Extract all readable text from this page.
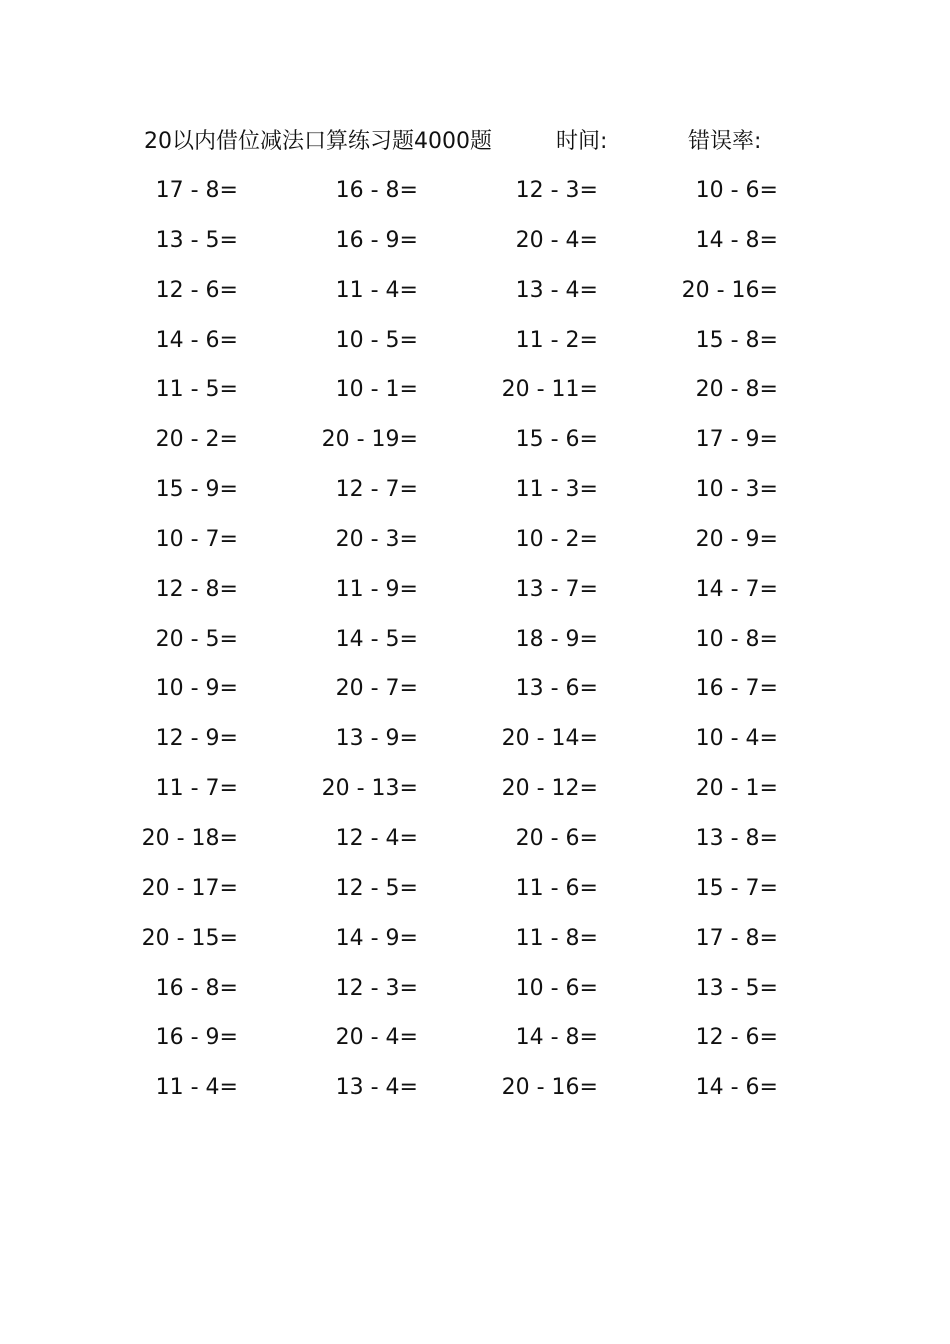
20以内借位减法口算练习题4000题	时间:	错误率:
17 - 8=	16 - 8=	12 - 3=	10 - 6=
13 - 5=	16 - 9=	20 - 4=	14 - 8=
12 - 6=	11 - 4=	13 - 4=	20 - 16=
14 - 6=	10 - 5=	11 - 2=	15 - 8=
11 - 5=	10 - 1=	20 - 11=	20 - 8=
20 - 2=	20 - 19=	15 - 6=	17 - 9=
15 - 9=	12 - 7=	11 - 3=	10 - 3=
10 - 7=	20 - 3=	10 - 2=	20 - 9=
12 - 8=	11 - 9=	13 - 7=	14 - 7=
20 - 5=	14 - 5=	18 - 9=	10 - 8=
10 - 9=	20 - 7=	13 - 6=	16 - 7=
12 - 9=	13 - 9=	20 - 14=	10 - 4=
11 - 7=	20 - 13=	20 - 12=	20 - 1=
20 - 18=	12 - 4=	20 - 6=	13 - 8=
20 - 17=	12 - 5=	11 - 6=	15 - 7=
20 - 15=	14 - 9=	11 - 8=	17 - 8=
16 - 8=	12 - 3=	10 - 6=	13 - 5=
16 - 9=	20 - 4=	14 - 8=	12 - 6=
11 - 4=	13 - 4=	20 - 16=	14 - 6=
